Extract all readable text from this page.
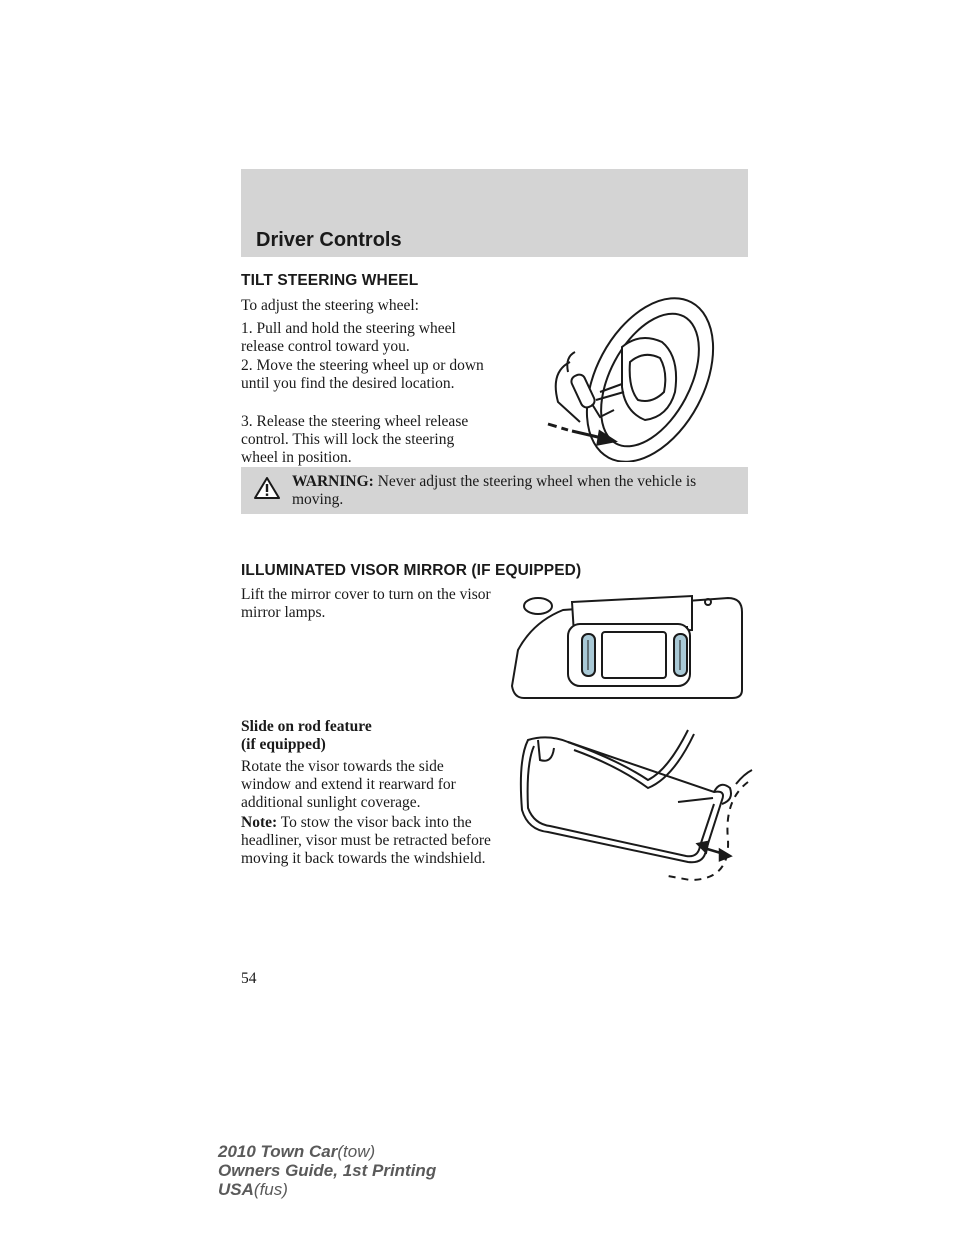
Driver Controls
TILT STEERING WHEEL

To adjust the steering wheel:

1. Pull and hold the steering wheel release control toward you.

2. Move the steering wheel up or down until you find the desired location.

3. Release the steering wheel release control. This will lock the steering wheel in position.

WARNING: Never adjust the steering wheel when the vehicle is moving.
ILLUMINATED VISOR MIRROR (IF EQUIPPED)

Lift the mirror cover to turn on the visor mirror lamps.

Slide on rod feature
(if equipped)

Rotate the visor towards the side window and extend it rearward for additional sunlight coverage.

Note: To stow the visor back into the headliner, visor must be retracted before moving it back towards the windshield.

54
2010 Town Car(tow)
Owners Guide, 1st Printing
USA(fus)
